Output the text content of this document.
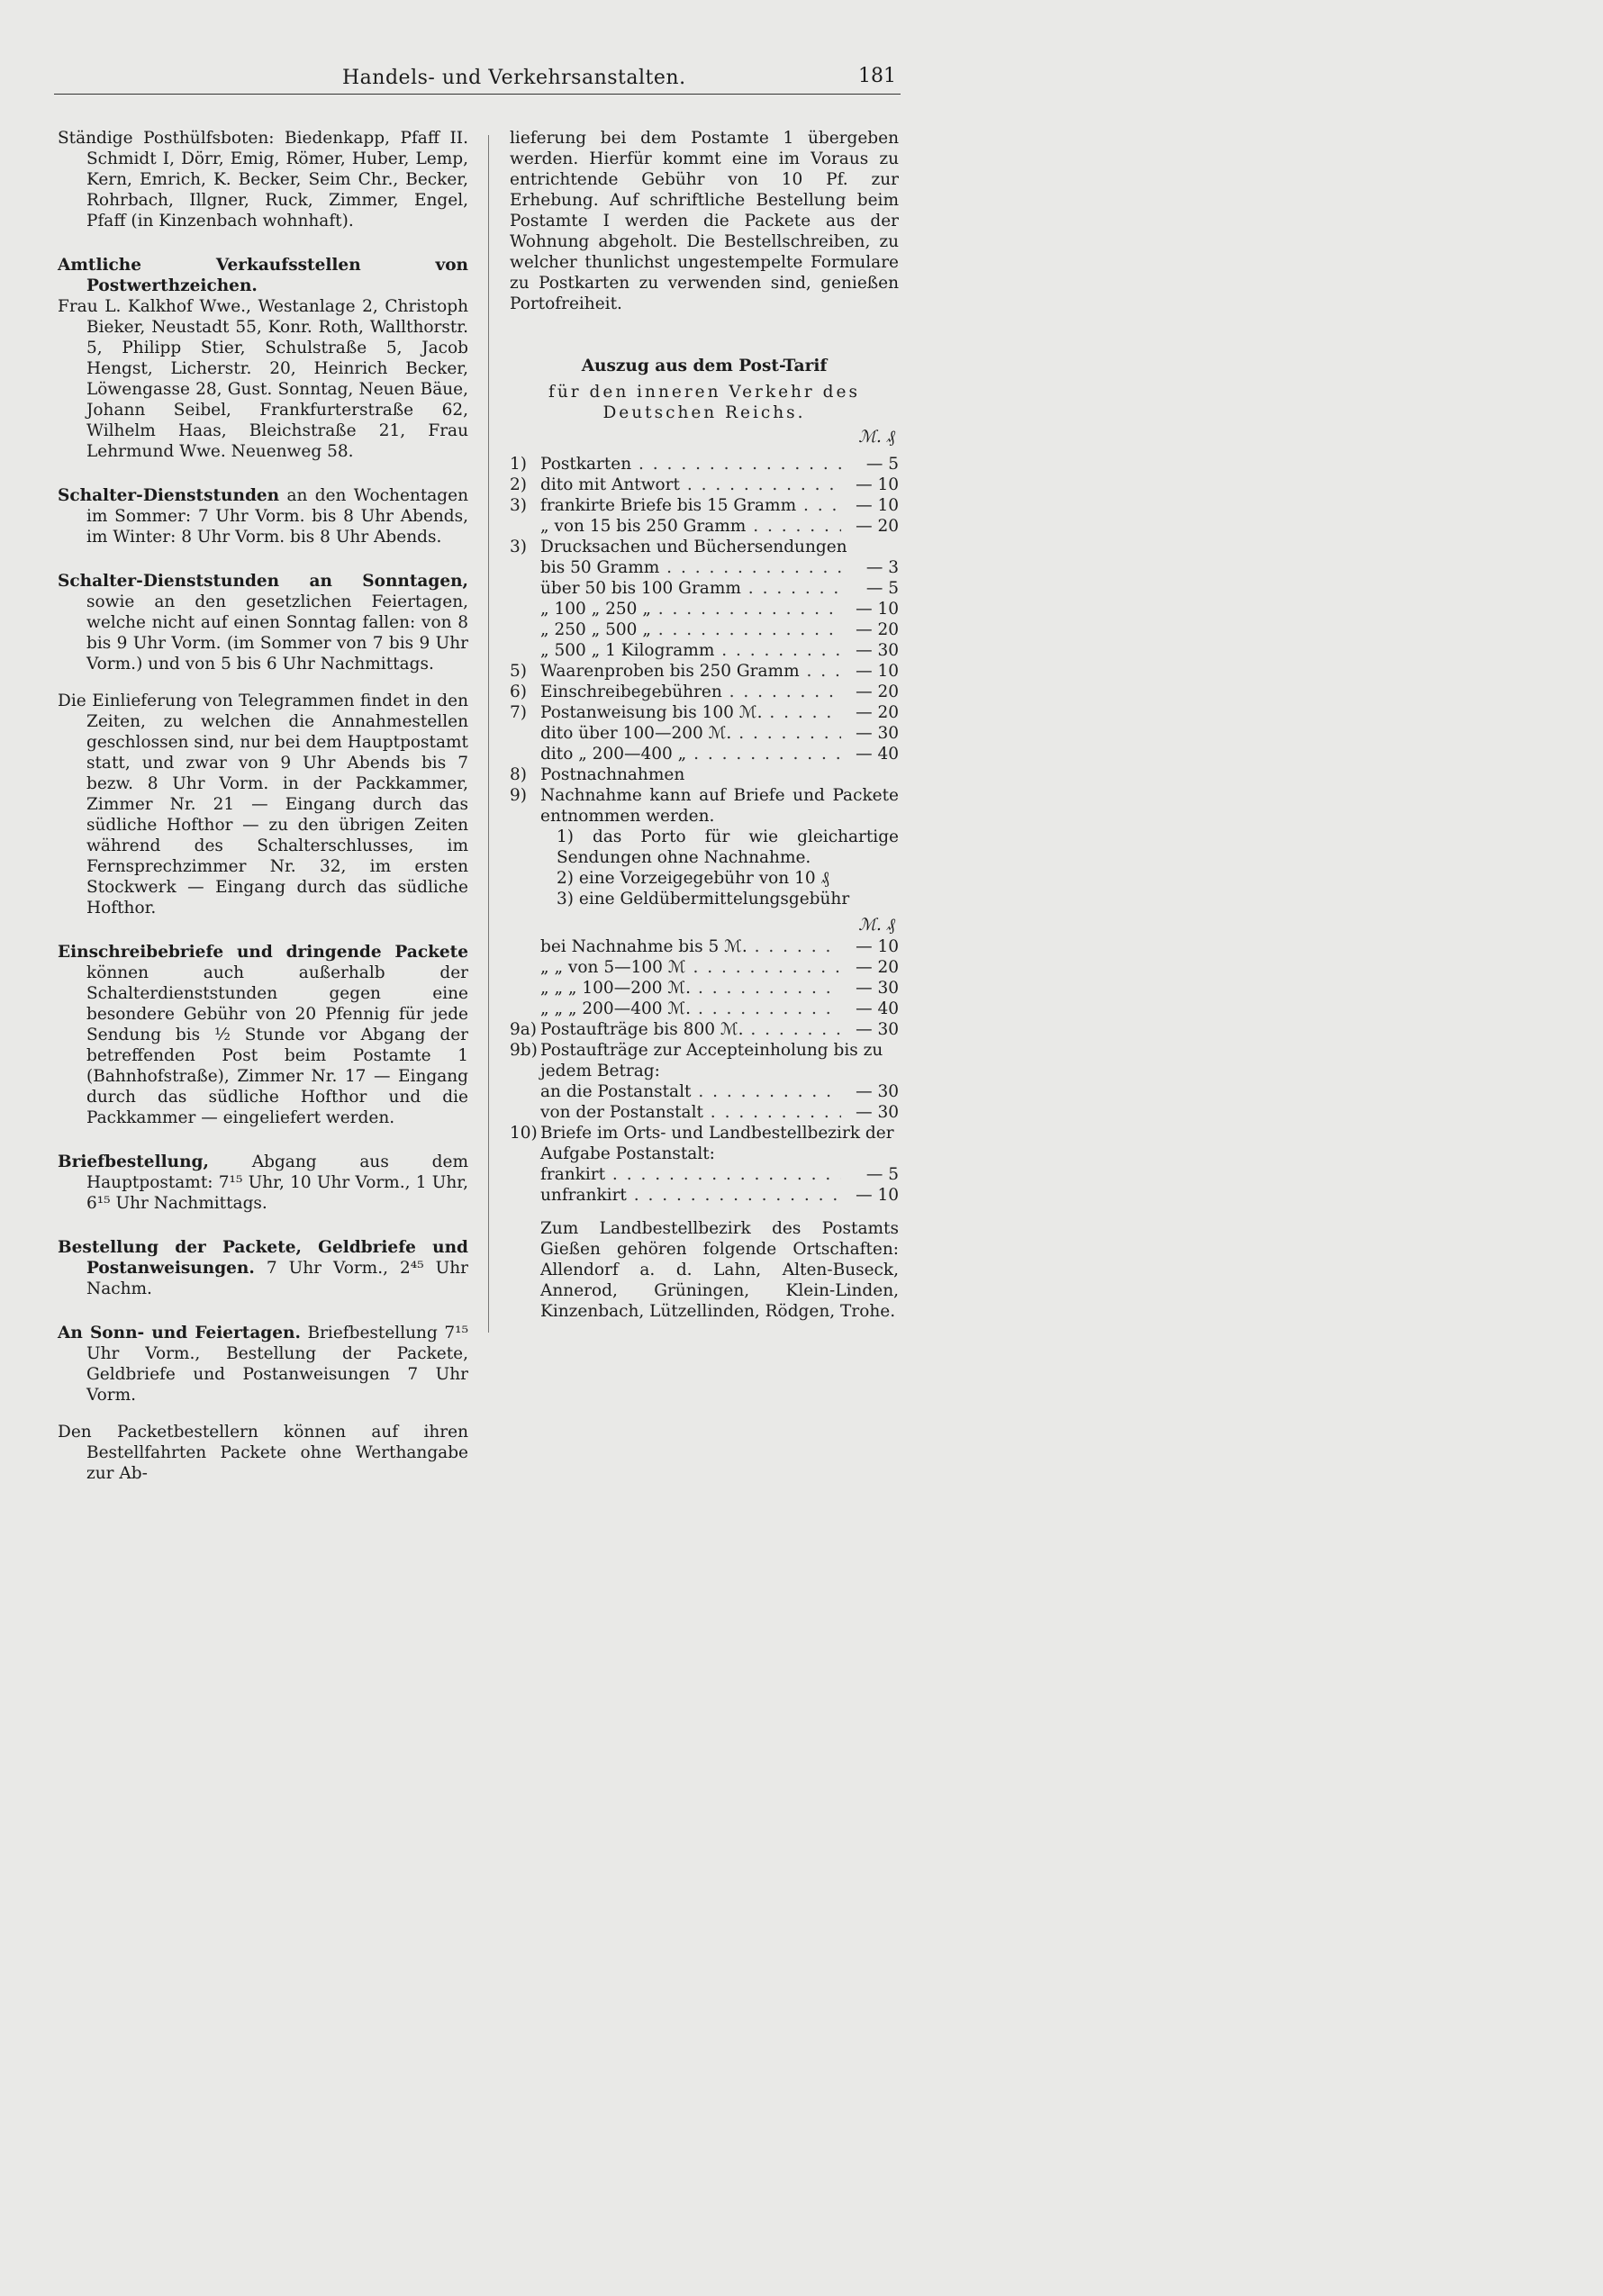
Handels- und Verkehrsanstalten.	181

Ständige Posthülfsboten: Biedenkapp, Pfaff II. Schmidt I, Dörr, Emig, Römer, Huber, Lemp, Kern, Emrich, K. Becker, Seim Chr., Becker, Rohrbach, Illgner, Ruck, Zimmer, Engel, Pfaff (in Kinzenbach wohnhaft).

Amtliche Verkaufsstellen von Postwerthzeichen.

Frau L. Kalkhof Wwe., Westanlage 2, Christoph Bieker, Neustadt 55, Konr. Roth, Wallthorstr. 5, Philipp Stier, Schulstraße 5, Jacob Hengst, Licherstr. 20, Heinrich Becker, Löwengasse 28, Gust. Sonntag, Neuen Bäue, Johann Seibel, Frankfurterstraße 62, Wilhelm Haas, Bleichstraße 21, Frau Lehrmund Wwe. Neuenweg 58.

Schalter-Dienststunden an den Wochentagen im Sommer: 7 Uhr Vorm. bis 8 Uhr Abends, im Winter: 8 Uhr Vorm. bis 8 Uhr Abends.

Schalter-Dienststunden an Sonntagen, sowie an den gesetzlichen Feiertagen, welche nicht auf einen Sonntag fallen: von 8 bis 9 Uhr Vorm. (im Sommer von 7 bis 9 Uhr Vorm.) und von 5 bis 6 Uhr Nachmittags.

Die Einlieferung von Telegrammen findet in den Zeiten, zu welchen die Annahmestellen geschlossen sind, nur bei dem Hauptpostamt statt, und zwar von 9 Uhr Abends bis 7 bezw. 8 Uhr Vorm. in der Packkammer, Zimmer Nr. 21 — Eingang durch das südliche Hofthor — zu den übrigen Zeiten während des Schalterschlusses, im Fernsprechzimmer Nr. 32, im ersten Stockwerk — Eingang durch das südliche Hofthor.

Einschreibebriefe und dringende Packete können auch außerhalb der Schalterdienststunden gegen eine besondere Gebühr von 20 Pfennig für jede Sendung bis ½ Stunde vor Abgang der betreffenden Post beim Postamte 1 (Bahnhofstraße), Zimmer Nr. 17 — Eingang durch das südliche Hofthor und die Packkammer — eingeliefert werden.

Briefbestellung,	Abgang aus dem Hauptpostamt: 7¹⁵ Uhr, 10 Uhr Vorm., 1 Uhr, 6¹⁵ Uhr Nachmittags.

Bestellung der Packete, Geldbriefe und Postanweisungen. 7 Uhr Vorm., 2⁴⁵ Uhr Nachm.

An Sonn- und Feiertagen. Briefbestellung 7¹⁵ Uhr Vorm., Bestellung der Packete, Geldbriefe und Postanweisungen 7 Uhr Vorm.

Den Packetbestellern können auf ihren Bestellfahrten Packete ohne Werthangabe zur Ab-

lieferung bei dem Postamte 1 übergeben werden. Hierfür kommt eine im Voraus zu entrichtende Gebühr von 10 Pf. zur Erhebung. Auf schriftliche Bestellung beim Postamte I werden die Packete aus der Wohnung abgeholt. Die Bestellschreiben, zu welcher thunlichst ungestempelte Formulare zu Postkarten zu verwenden sind, genießen Portofreiheit.

Auszug aus dem Post-Tarif

für den inneren Verkehr des

Deutschen Reichs.

ℳ. ₰
1) Postkarten . . .	— 5
2) dito mit Antwort . . .	— 10
3) frankirte Briefe bis 15 Gramm . . .	— 10
„ von 15 bis 250 Gramm . . .	— 20
3) Drucksachen und Büchersendungen
bis 50 Gramm . . .	— 3
über 50 bis 100 Gramm . . .	— 5
„ 100 „ 250 „ . . .	— 10
„ 250 „ 500 „ . . .	— 20
„ 500 „ 1 Kilogramm . . .	— 30
5) Waarenproben bis 250 Gramm . . .	— 10
6) Einschreibegebühren . . .	— 20
7) Postanweisung bis 100 ℳ. . . .	— 20
dito über 100—200 ℳ. . . .	— 30
dito „ 200—400 „ . . .	— 40
8) Postnachnahmen
9) Nachnahme kann auf Briefe und Packete entnommen werden.

1) das Porto für wie gleichartige Sendungen ohne Nachnahme.

2) eine Vorzeigegebühr von 10 ₰

3) eine Geldübermittelungsgebühr

ℳ. ₰
bei Nachnahme bis 5 ℳ. . . .	— 10
„ „ von 5—100 ℳ . . .	— 20
„ „ „ 100—200 ℳ. . . .	— 30
„ „ „ 200—400 ℳ. . . .	— 40
9a) Postaufträge bis 800 ℳ. . . .	— 30
9b) Postaufträge zur Accepteinholung bis zu jedem Betrag:
an die Postanstalt . . .	— 30
von der Postanstalt . . .	— 30
10) Briefe im Orts- und Landbestellbezirk der Aufgabe Postanstalt:
frankirt . . .	— 5
unfrankirt . . .	— 10

Zum Landbestellbezirk des Postamts Gießen gehören folgende Ortschaften: Allendorf a. d. Lahn, Alten-Buseck, Annerod, Grüningen, Klein-Linden, Kinzenbach, Lützellinden, Rödgen, Trohe.
